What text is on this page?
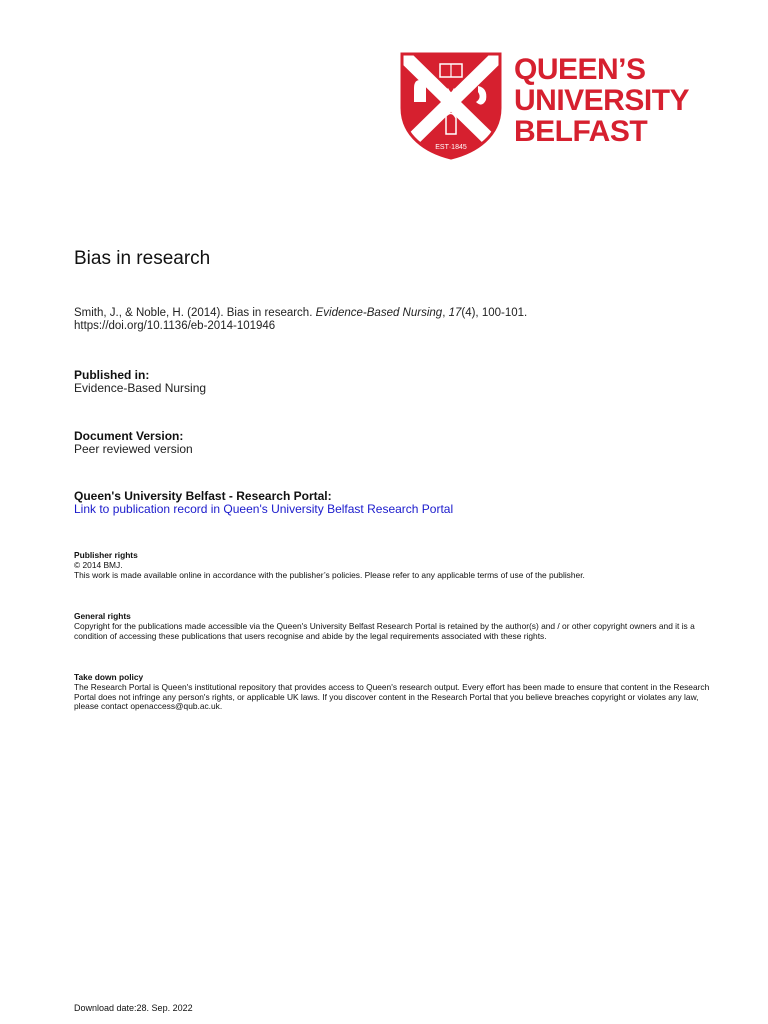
EST·1845
QUEEN’S
UNIVERSITY
BELFAST
Bias in research
Smith, J., & Noble, H. (2014). Bias in research. Evidence-Based Nursing, 17(4), 100-101.
https://doi.org/10.1136/eb-2014-101946
Published in:
Evidence-Based Nursing
Document Version:
Peer reviewed version
Queen's University Belfast - Research Portal:
Link to publication record in Queen's University Belfast Research Portal
Publisher rights
© 2014 BMJ.
This work is made available online in accordance with the publisher’s policies. Please refer to any applicable terms of use of the publisher.
General rights
Copyright for the publications made accessible via the Queen's University Belfast Research Portal is retained by the author(s) and / or other copyright owners and it is a condition of accessing these publications that users recognise and abide by the legal requirements associated with these rights.
Take down policy
The Research Portal is Queen's institutional repository that provides access to Queen's research output. Every effort has been made to ensure that content in the Research Portal does not infringe any person's rights, or applicable UK laws. If you discover content in the Research Portal that you believe breaches copyright or violates any law, please contact openaccess@qub.ac.uk.
Download date:28. Sep. 2022
